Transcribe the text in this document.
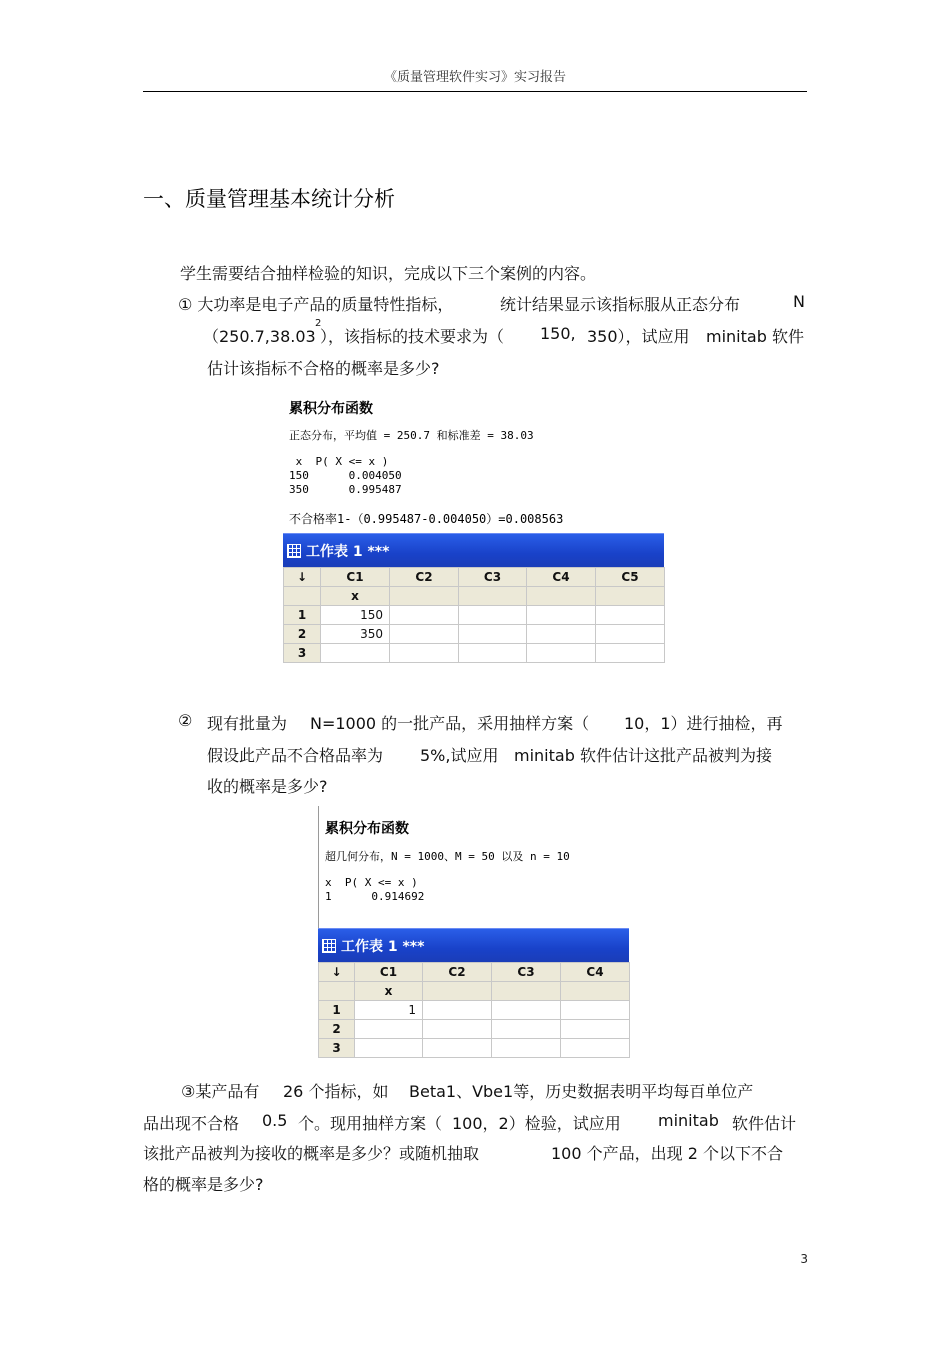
《质量管理软件实习》实习报告
一、质量管理基本统计分析
学生需要结合抽样检验的知识，完成以下三个案例的内容。
① 大功率是电子产品的质量特性指标，	统计结果显示该指标服从正态分布	N
（250.7,38.03
2
），该指标的技术要求为（ 150, 350），试应用 minitab 软件
估计该指标不合格的概率是多少?
累积分布函数
正态分布，平均值 = 250.7 和标准差 = 38.03
x  P( X <= x )
150      0.004050
350      0.995487
不合格率1-（0.995487-0.004050）=0.008563
工作表 1 ***
↓	C1	C2	C3	C4	C5
	x				
1	150				
2	350				
3					
② 现有批量为 N=1000 的一批产品，采用抽样方案（ 10，1）进行抽检，再
假设此产品不合格品率为 5%,试应用 minitab 软件估计这批产品被判为接
收的概率是多少?
累积分布函数
超几何分布，N = 1000、M = 50 以及 n = 10
x  P( X <= x )
1      0.914692
工作表 1 ***
↓	C1	C2	C3	C4
	x			
1	1			
2				
3				
③某产品有 26 个指标，如 Beta1、Vbe1等，历史数据表明平均每百单位产
品出现不合格 0.5 个。现用抽样方案（ 100，2）检验，试应用 minitab 软件估计
该批产品被判为接收的概率是多少？或随机抽取	100 个产品，出现 2 个以下不合
格的概率是多少?
3
